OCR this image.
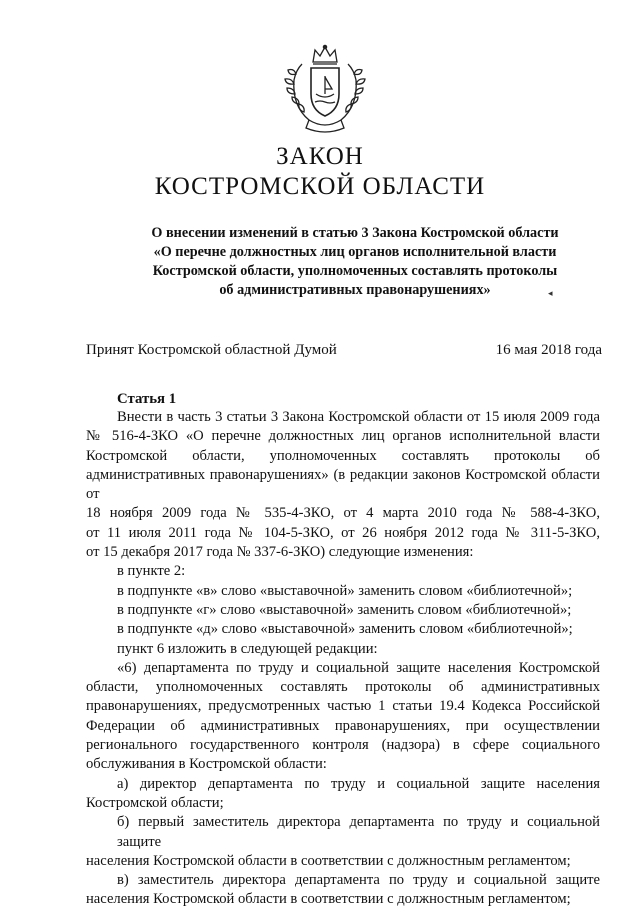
ЗАКОН
КОСТРОМСКОЙ ОБЛАСТИ
О внесении изменений в статью 3 Закона Костромской области
«О перечне должностных лиц органов исполнительной власти
Костромской области, уполномоченных составлять протоколы
об административных правонарушениях»
Принят Костромской областной Думой	16 мая 2018 года
Статья 1

Внести в часть 3 статьи 3 Закона Костромской области от 15 июля 2009 года

№ 516-4-ЗКО «О перечне должностных лиц органов исполнительной власти

Костромской области, уполномоченных составлять протоколы об

административных правонарушениях» (в редакции законов Костромской области от

18 ноября 2009 года № 535-4-ЗКО, от 4 марта 2010 года № 588-4-ЗКО,

от 11 июля 2011 года № 104-5-ЗКО, от 26 ноября 2012 года № 311-5-ЗКО,

от 15 декабря 2017 года № 337-6-ЗКО) следующие изменения:

в пункте 2:

в подпункте «в» слово «выставочной» заменить словом «библиотечной»;

в подпункте «г» слово «выставочной» заменить словом «библиотечной»;

в подпункте «д» слово «выставочной» заменить словом «библиотечной»;

пункт 6 изложить в следующей редакции:

«6) департамента по труду и социальной защите населения Костромской

области, уполномоченных составлять протоколы об административных

правонарушениях, предусмотренных частью 1 статьи 19.4 Кодекса Российской

Федерации об административных правонарушениях, при осуществлении

регионального государственного контроля (надзора) в сфере социального

обслуживания в Костромской области:

а) директор департамента по труду и социальной защите населения

Костромской области;

б) первый заместитель директора департамента по труду и социальной защите

населения Костромской области в соответствии с должностным регламентом;

в) заместитель директора департамента по труду и социальной защите

населения Костромской области в соответствии с должностным регламентом;

◂
